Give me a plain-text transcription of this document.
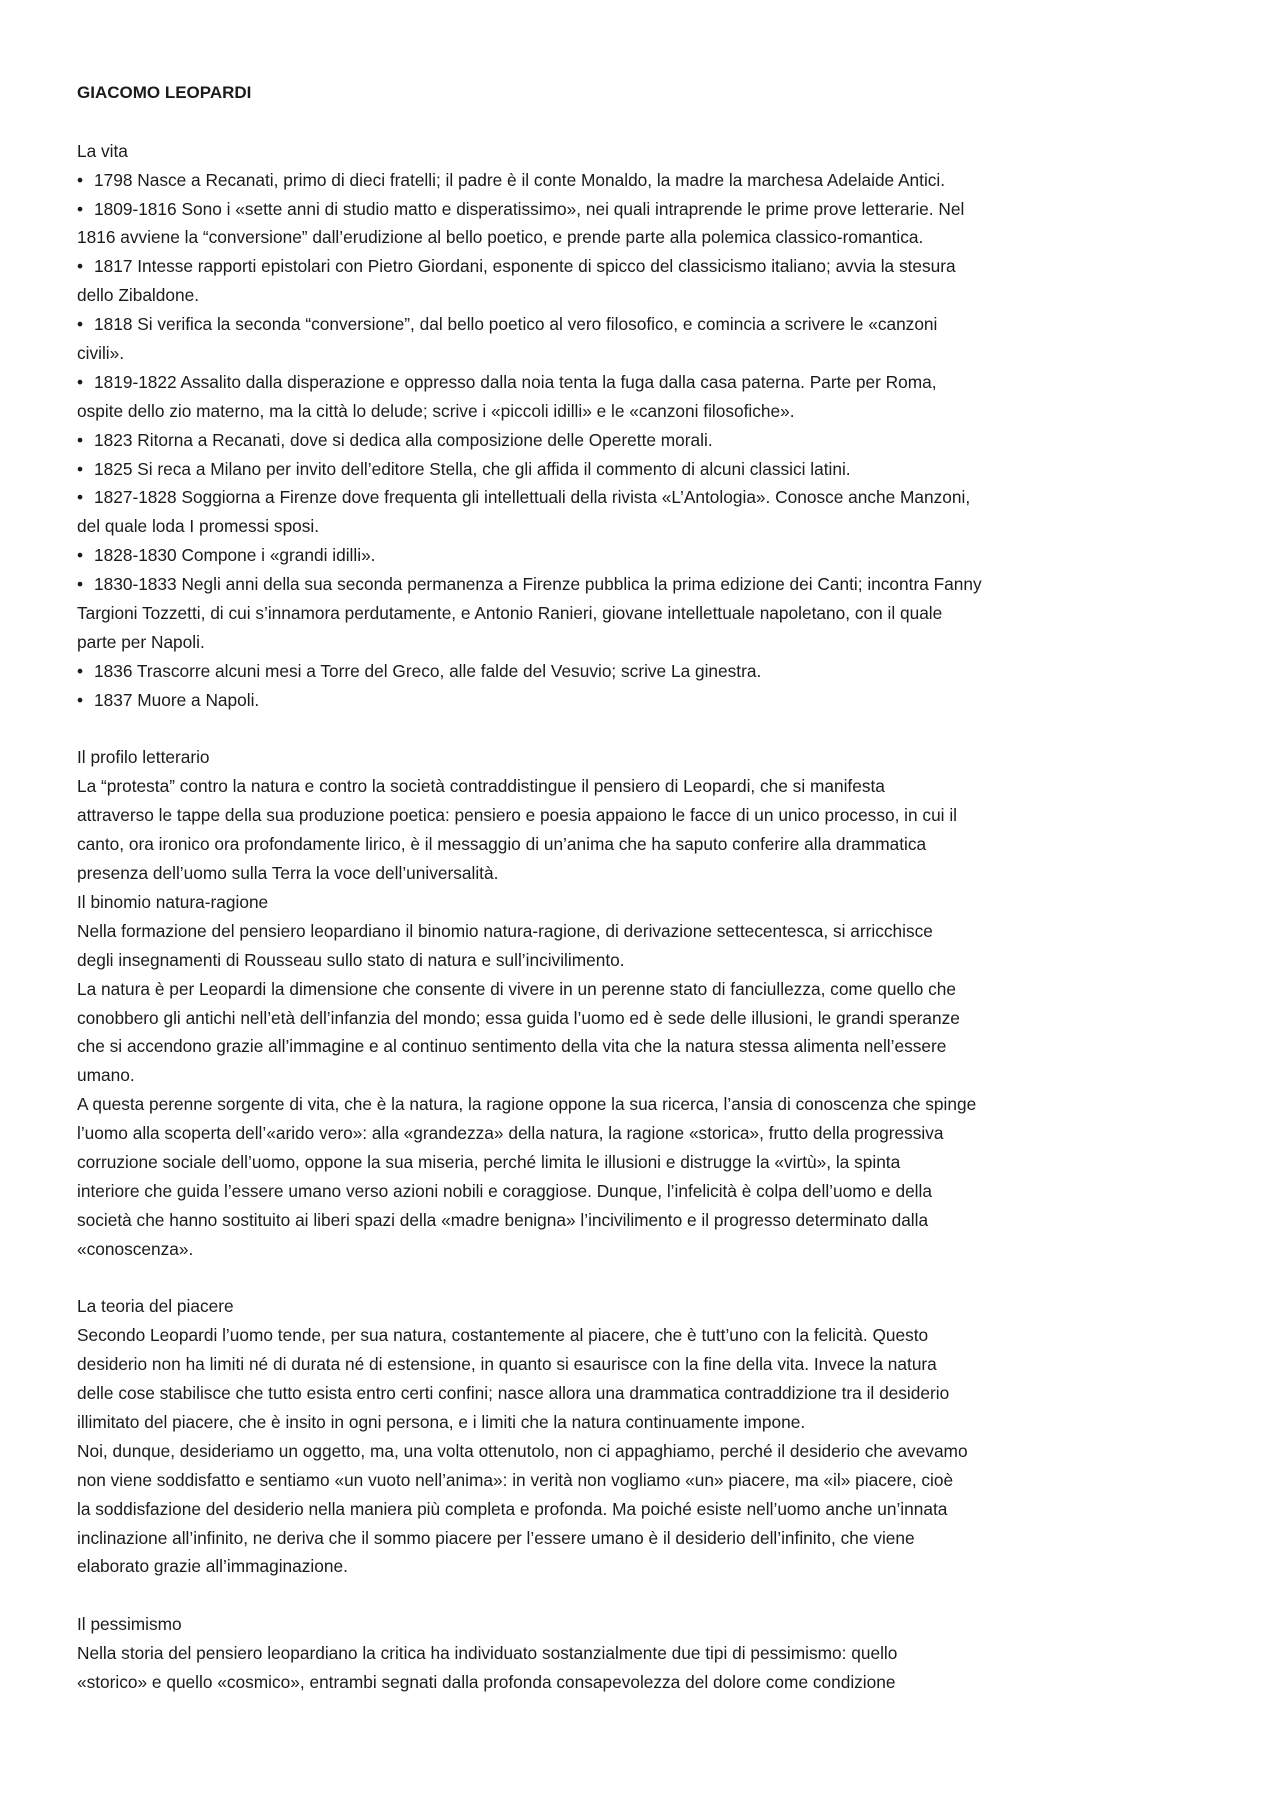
GIACOMO LEOPARDI
La vita
• 1798 Nasce a Recanati, primo di dieci fratelli; il padre è il conte Monaldo, la madre la marchesa Adelaide Antici.
• 1809-1816 Sono i «sette anni di studio matto e disperatissimo», nei quali intraprende le prime prove letterarie. Nel
1816 avviene la “conversione” dall’erudizione al bello poetico, e prende parte alla polemica classico-romantica.
• 1817 Intesse rapporti epistolari con Pietro Giordani, esponente di spicco del classicismo italiano; avvia la stesura
dello Zibaldone.
• 1818 Si verifica la seconda “conversione”, dal bello poetico al vero filosofico, e comincia a scrivere le «canzoni
civili».
• 1819-1822 Assalito dalla disperazione e oppresso dalla noia tenta la fuga dalla casa paterna. Parte per Roma,
ospite dello zio materno, ma la città lo delude; scrive i «piccoli idilli» e le «canzoni filosofiche».
• 1823 Ritorna a Recanati, dove si dedica alla composizione delle Operette morali.
• 1825 Si reca a Milano per invito dell’editore Stella, che gli affida il commento di alcuni classici latini.
• 1827-1828 Soggiorna a Firenze dove frequenta gli intellettuali della rivista «L’Antologia». Conosce anche Manzoni,
del quale loda I promessi sposi.
• 1828-1830 Compone i «grandi idilli».
• 1830-1833 Negli anni della sua seconda permanenza a Firenze pubblica la prima edizione dei Canti; incontra Fanny
Targioni Tozzetti, di cui s’innamora perdutamente, e Antonio Ranieri, giovane intellettuale napoletano, con il quale
parte per Napoli.
• 1836 Trascorre alcuni mesi a Torre del Greco, alle falde del Vesuvio; scrive La ginestra.
• 1837 Muore a Napoli.
Il profilo letterario
La “protesta” contro la natura e contro la società contraddistingue il pensiero di Leopardi, che si manifesta
attraverso le tappe della sua produzione poetica: pensiero e poesia appaiono le facce di un unico processo, in cui il
canto, ora ironico ora profondamente lirico, è il messaggio di un’anima che ha saputo conferire alla drammatica
presenza dell’uomo sulla Terra la voce dell’universalità.
Il binomio natura-ragione
Nella formazione del pensiero leopardiano il binomio natura-ragione, di derivazione settecentesca, si arricchisce
degli insegnamenti di Rousseau sullo stato di natura e sull’incivilimento.
La natura è per Leopardi la dimensione che consente di vivere in un perenne stato di fanciullezza, come quello che
conobbero gli antichi nell’età dell’infanzia del mondo; essa guida l’uomo ed è sede delle illusioni, le grandi speranze
che si accendono grazie all’immagine e al continuo sentimento della vita che la natura stessa alimenta nell’essere
umano.
A questa perenne sorgente di vita, che è la natura, la ragione oppone la sua ricerca, l’ansia di conoscenza che spinge
l’uomo alla scoperta dell’«arido vero»: alla «grandezza» della natura, la ragione «storica», frutto della progressiva
corruzione sociale dell’uomo, oppone la sua miseria, perché limita le illusioni e distrugge la «virtù», la spinta
interiore che guida l’essere umano verso azioni nobili e coraggiose. Dunque, l’infelicità è colpa dell’uomo e della
società che hanno sostituito ai liberi spazi della «madre benigna» l’incivilimento e il progresso determinato dalla
«conoscenza».
La teoria del piacere
Secondo Leopardi l’uomo tende, per sua natura, costantemente al piacere, che è tutt’uno con la felicità. Questo
desiderio non ha limiti né di durata né di estensione, in quanto si esaurisce con la fine della vita. Invece la natura
delle cose stabilisce che tutto esista entro certi confini; nasce allora una drammatica contraddizione tra il desiderio
illimitato del piacere, che è insito in ogni persona, e i limiti che la natura continuamente impone.
Noi, dunque, desideriamo un oggetto, ma, una volta ottenutolo, non ci appaghiamo, perché il desiderio che avevamo
non viene soddisfatto e sentiamo «un vuoto nell’anima»: in verità non vogliamo «un» piacere, ma «il» piacere, cioè
la soddisfazione del desiderio nella maniera più completa e profonda. Ma poiché esiste nell’uomo anche un’innata
inclinazione all’infinito, ne deriva che il sommo piacere per l’essere umano è il desiderio dell’infinito, che viene
elaborato grazie all’immaginazione.
Il pessimismo
Nella storia del pensiero leopardiano la critica ha individuato sostanzialmente due tipi di pessimismo: quello
«storico» e quello «cosmico», entrambi segnati dalla profonda consapevolezza del dolore come condizione
